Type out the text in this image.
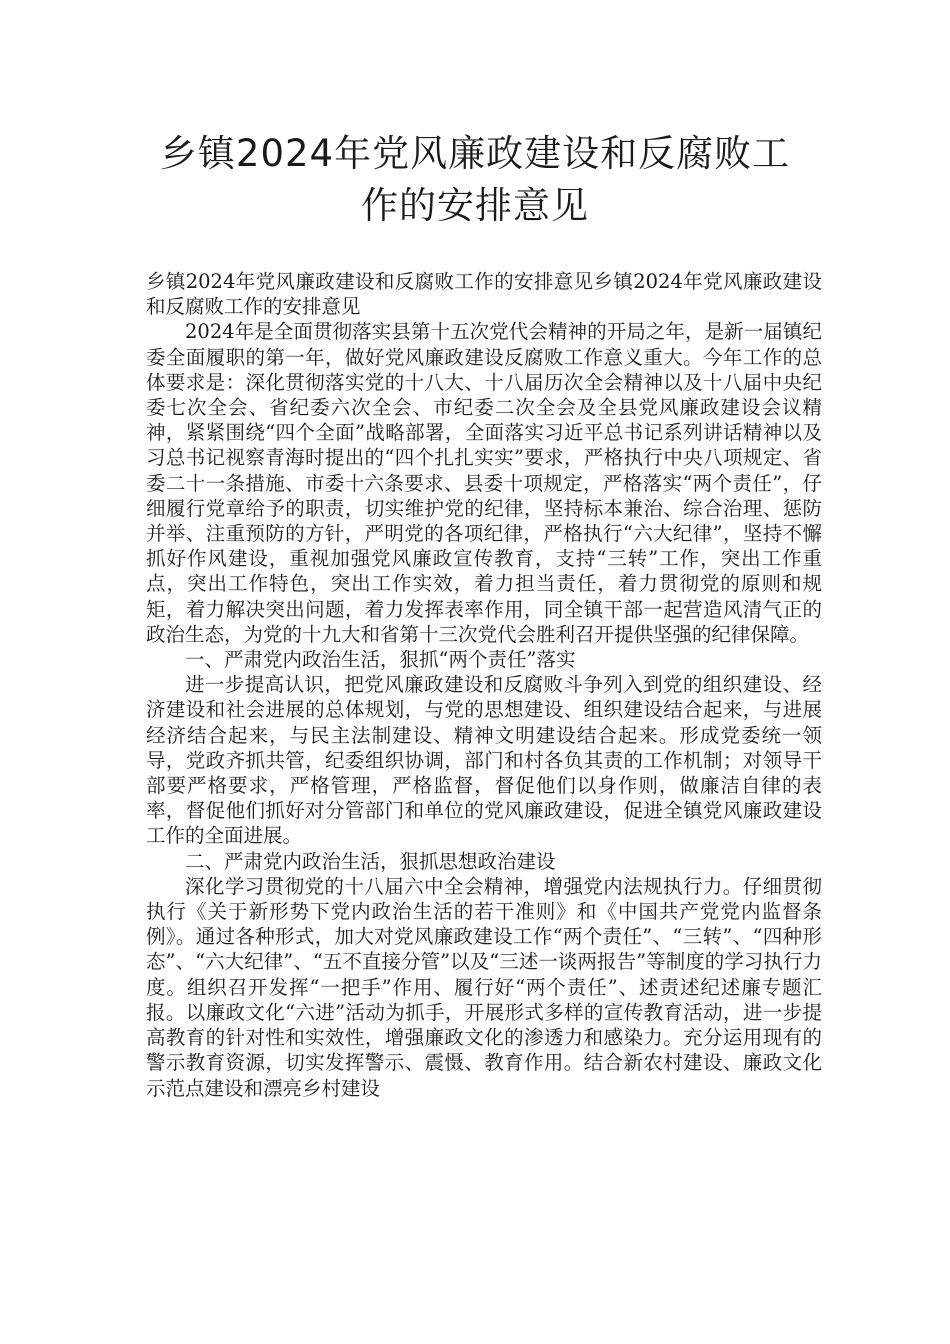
乡镇2024年党风廉政建设和反腐败工
作的安排意见

乡镇2024年党风廉政建设和反腐败工作的安排意见乡镇2024年党风廉政建设和反腐败工作的安排意见

2024年是全面贯彻落实县第十五次党代会精神的开局之年，是新一届镇纪委全面履职的第一年，做好党风廉政建设反腐败工作意义重大。今年工作的总体要求是：深化贯彻落实党的十八大、十八届历次全会精神以及十八届中央纪委七次全会、省纪委六次全会、市纪委二次全会及全县党风廉政建设会议精神，紧紧围绕“四个全面”战略部署，全面落实习近平总书记系列讲话精神以及习总书记视察青海时提出的“四个扎扎实实”要求，严格执行中央八项规定、省委二十一条措施、市委十六条要求、县委十项规定，严格落实“两个责任”，仔细履行党章给予的职责，切实维护党的纪律，坚持标本兼治、综合治理、惩防并举、注重预防的方针，严明党的各项纪律，严格执行“六大纪律”，坚持不懈抓好作风建设，重视加强党风廉政宣传教育，支持“三转”工作，突出工作重点，突出工作特色，突出工作实效，着力担当责任，着力贯彻党的原则和规矩，着力解决突出问题，着力发挥表率作用，同全镇干部一起营造风清气正的政治生态，为党的十九大和省第十三次党代会胜利召开提供坚强的纪律保障。

一、严肃党内政治生活，狠抓“两个责任”落实

进一步提高认识，把党风廉政建设和反腐败斗争列入到党的组织建设、经济建设和社会进展的总体规划，与党的思想建设、组织建设结合起来，与进展经济结合起来，与民主法制建设、精神文明建设结合起来。形成党委统一领导，党政齐抓共管，纪委组织协调，部门和村各负其责的工作机制；对领导干部要严格要求，严格管理，严格监督，督促他们以身作则，做廉洁自律的表率，督促他们抓好对分管部门和单位的党风廉政建设，促进全镇党风廉政建设工作的全面进展。

二、严肃党内政治生活，狠抓思想政治建设

深化学习贯彻党的十八届六中全会精神，增强党内法规执行力。仔细贯彻执行《关于新形势下党内政治生活的若干准则》和《中国共产党党内监督条例》。通过各种形式，加大对党风廉政建设工作“两个责任”、“三转”、“四种形态”、“六大纪律”、“五不直接分管”以及“三述一谈两报告”等制度的学习执行力度。组织召开发挥“一把手”作用、履行好“两个责任”、述责述纪述廉专题汇报。以廉政文化“六进”活动为抓手，开展形式多样的宣传教育活动，进一步提高教育的针对性和实效性，增强廉政文化的渗透力和感染力。充分运用现有的警示教育资源，切实发挥警示、震慑、教育作用。结合新农村建设、廉政文化示范点建设和漂亮乡村建设
